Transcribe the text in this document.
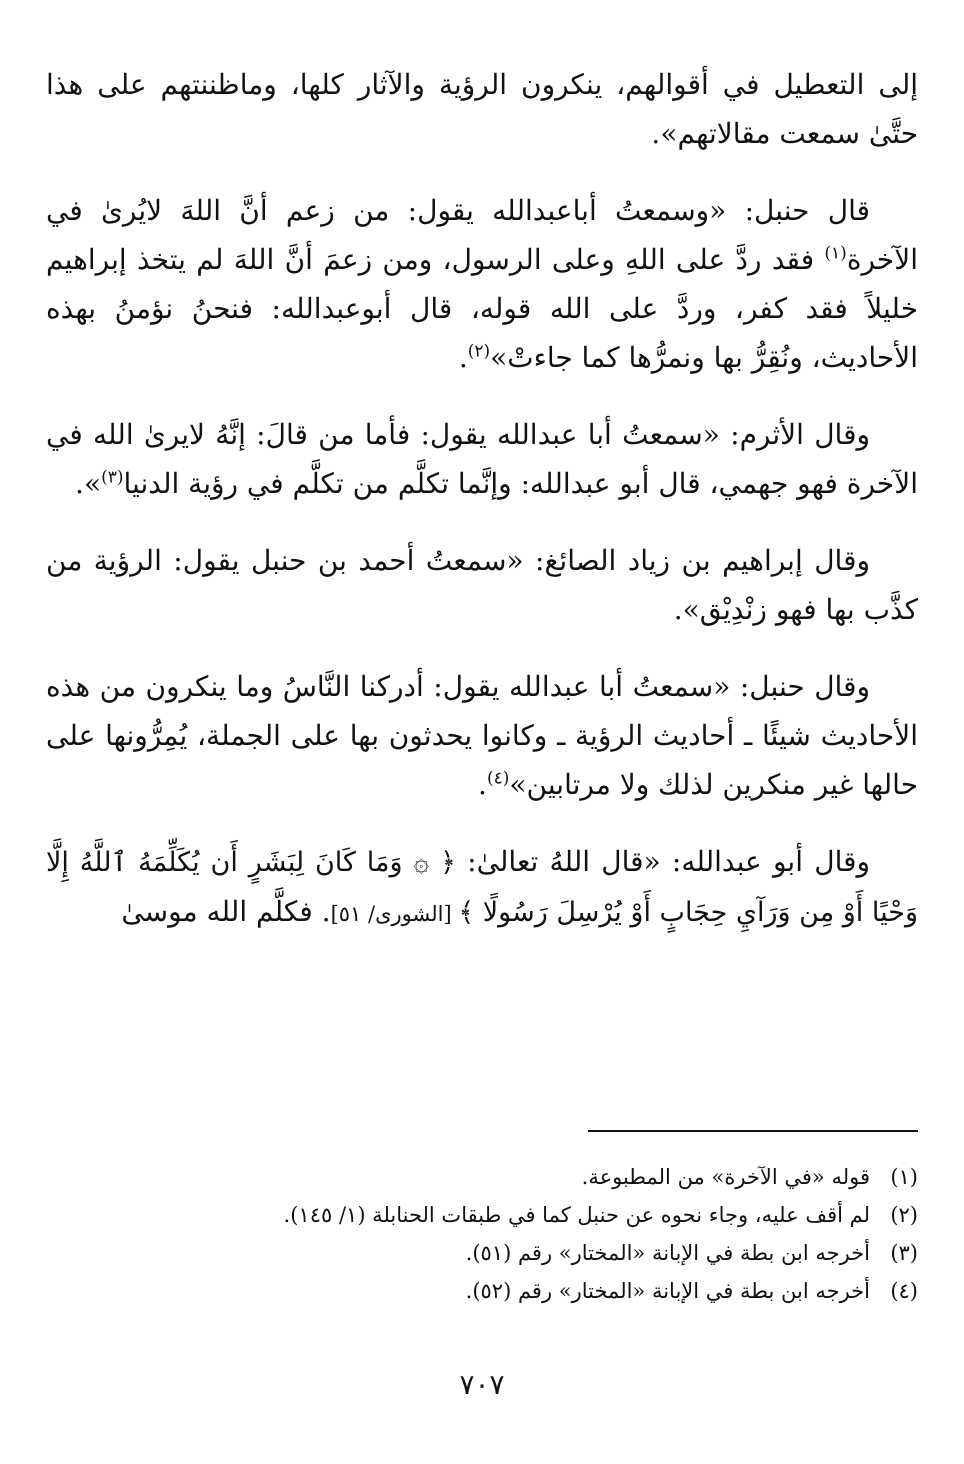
إلى التعطيل في أقوالهم، ينكرون الرؤية والآثار كلها، وماظننتهم على هذا حتَّىٰ سمعت مقالاتهم».

قال حنبل: «وسمعتُ أباعبدالله يقول: من زعم أنَّ اللهَ لايُرىٰ في الآخرة$^{(١)}$ فقد ردَّ على اللهِ وعلى الرسول، ومن زعمَ أنَّ اللهَ لم يتخذ إبراهيم خليلاً فقد كفر، وردَّ على الله قوله، قال أبوعبدالله: فنحنُ نؤمنُ بهذه الأحاديث، ونُقِرُّ بها ونمرُّها كما جاءتْ»$^{(٢)}$.

وقال الأثرم: «سمعتُ أبا عبدالله يقول: فأما من قالَ: إنَّهُ لايرىٰ الله في الآخرة فهو جهمي، قال أبو عبدالله: وإنَّما تكلَّم من تكلَّم في رؤية الدنيا$^{(٣)}$».

وقال إبراهيم بن زياد الصائغ: «سمعتُ أحمد بن حنبل يقول: الرؤية من كذَّب بها فهو زنْدِيْق».

وقال حنبل: «سمعتُ أبا عبدالله يقول: أدركنا النَّاسُ وما ينكرون من هذه الأحاديث شيئًا ـ أحاديث الرؤية ـ وكانوا يحدثون بها على الجملة، يُمِرُّونها على حالها غير منكرين لذلك ولا مرتابين»$^{(٤)}$.

وقال أبو عبدالله: «قال اللهُ تعالىٰ: ﴿ ۞ وَمَا كَانَ لِبَشَرٍ أَن يُكَلِّمَهُ ٱللَّهُ إِلَّا وَحْيًا أَوْ مِن وَرَآيِ حِجَابٍ أَوْ يُرْسِلَ رَسُولًا ﴾ [الشورى/ ٥١]. فكلَّم الله موسىٰ

(١)قوله «في الآخرة» من المطبوعة.

(٢)لم أقف عليه، وجاء نحوه عن حنبل كما في طبقات الحنابلة (١/ ١٤٥).

(٣)أخرجه ابن بطة في الإبانة «المختار» رقم (٥١).

(٤)أخرجه ابن بطة في الإبانة «المختار» رقم (٥٢).

٧٠٧
